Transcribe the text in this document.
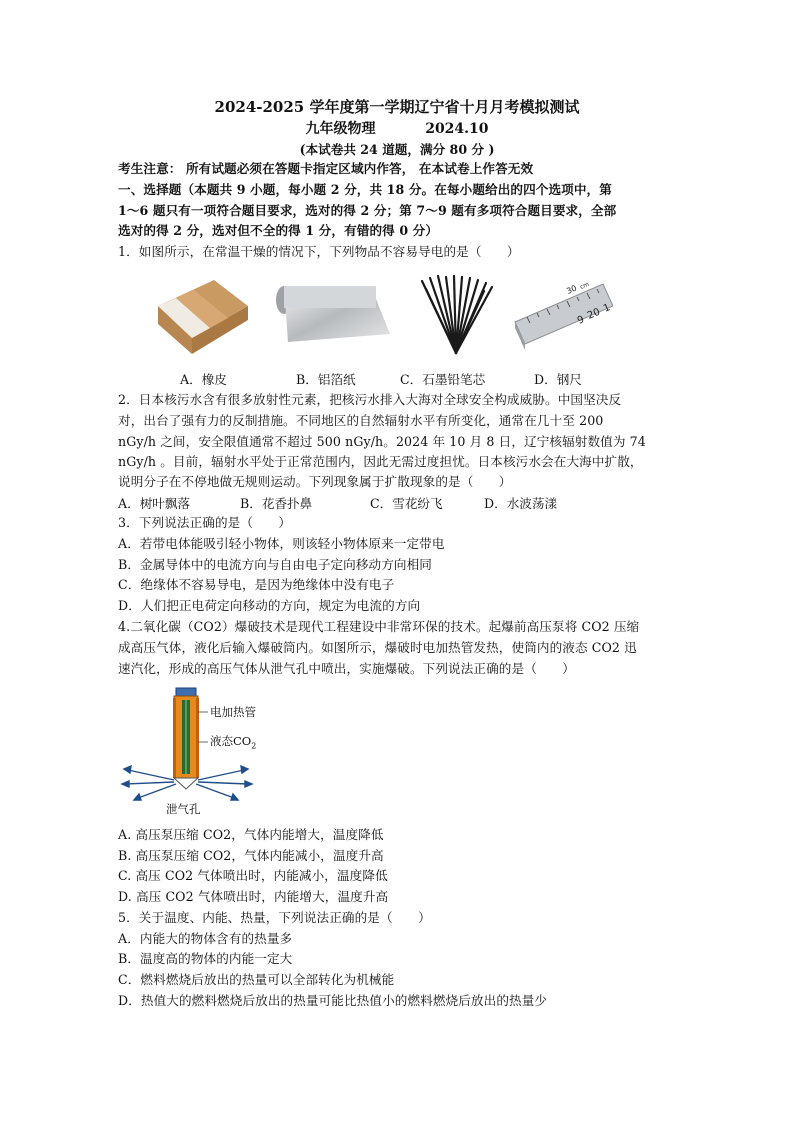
2024-2025 学年度第一学期辽宁省十月月考模拟测试
九年级物理	2024.10
(本试卷共 24 道题，满分 80 分 )
考生注意： 所有试题必须在答题卡指定区域内作答， 在本试卷上作答无效
一、选择题（本题共 9 小题，每小题 2 分，共 18 分。在每小题给出的四个选项中，第
1～6 题只有一项符合题目要求，选对的得 2 分；第 7～9 题有多项符合题目要求，全部
选对的得 2 分，选对但不全的得 1 分，有错的得 0 分）
1．如图所示，在常温干燥的情况下，下列物品不容易导电的是（　　）
30 cm
9 20 1
A．橡皮	B．铝箔纸	C．石墨铅笔芯	D．钢尺
2．日本核污水含有很多放射性元素，把核污水排入大海对全球安全构成威胁。中国坚决反
对，出台了强有力的反制措施。不同地区的自然辐射水平有所变化，通常在几十至 200
nGy/h 之间，安全限值通常不超过 500 nGy/h。2024 年 10 月 8 日，辽宁核辐射数值为 74
nGy/h 。目前，辐射水平处于正常范围内，因此无需过度担忧。日本核污水会在大海中扩散，
说明分子在不停地做无规则运动。下列现象属于扩散现象的是（　　）
A．树叶飘落	B．花香扑鼻	C．雪花纷飞	D．水波荡漾
3．下列说法正确的是（　　）
A．若带电体能吸引轻小物体，则该轻小物体原来一定带电
B．金属导体中的电流方向与自由电子定向移动方向相同
C．绝缘体不容易导电，是因为绝缘体中没有电子
D．人们把正电荷定向移动的方向，规定为电流的方向
4.二氧化碳（CO2）爆破技术是现代工程建设中非常环保的技术。起爆前高压泵将 CO2 压缩
成高压气体，液化后输入爆破筒内。如图所示，爆破时电加热管发热，使筒内的液态 CO2 迅
速汽化，形成的高压气体从泄气孔中喷出，实施爆破。下列说法正确的是（　　）
电加热管
液态$CO_2$
泄气孔
A. 高压泵压缩 CO2，气体内能增大，温度降低
B. 高压泵压缩 CO2，气体内能减小，温度升高
C. 高压 CO2 气体喷出时，内能减小，温度降低
D. 高压 CO2 气体喷出时，内能增大，温度升高
5．关于温度、内能、热量，下列说法正确的是（　　）
A．内能大的物体含有的热量多
B．温度高的物体的内能一定大
C．燃料燃烧后放出的热量可以全部转化为机械能
D．热值大的燃料燃烧后放出的热量可能比热值小的燃料燃烧后放出的热量少
